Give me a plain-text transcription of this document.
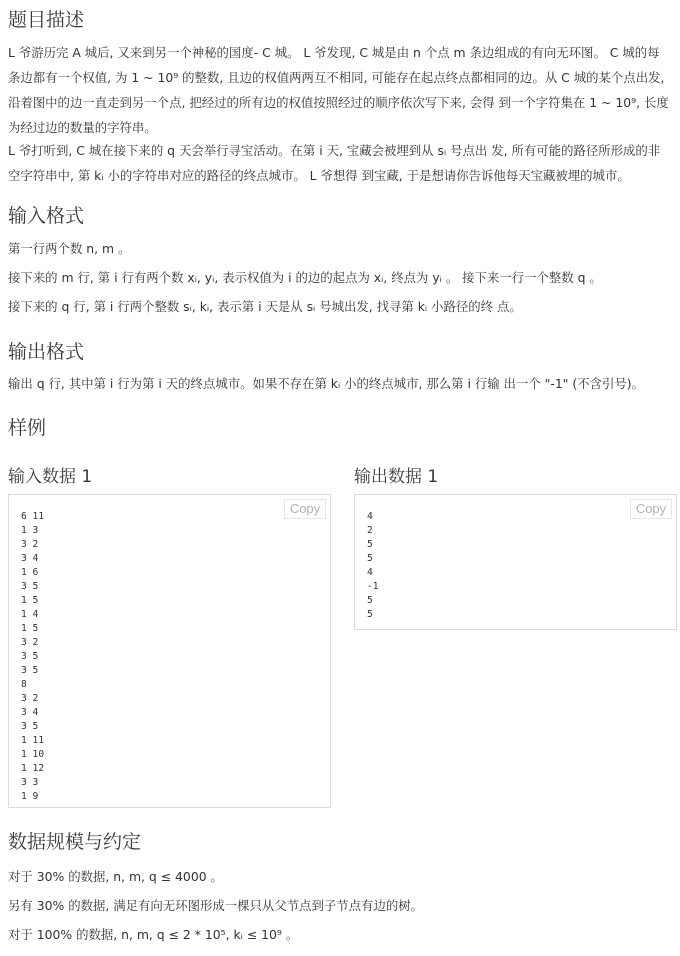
题目描述

L 爷游历完 A 城后, 又来到另一个神秘的国度- C 城。 L 爷发现, C 城是由 n 个点 m 条边组成的有向无环图。 C 城的每条边都有一个权值, 为 1 ~ 10⁹ 的整数, 且边的权值两两互不相同, 可能存在起点终点都相同的边。从 C 城的某个点出发, 沿着图中的边一直走到另一个点, 把经过的所有边的权值按照经过的顺序依次写下来, 会得 到一个字符集在 1 ~ 10⁹, 长度为经过边的数量的字符串。

L 爷打听到, C 城在接下来的 q 天会举行寻宝活动。在第 i 天, 宝藏会被埋到从 sᵢ 号点出 发, 所有可能的路径所形成的非空字符串中, 第 kᵢ 小的字符串对应的路径的终点城市。 L 爷想得 到宝藏, 于是想请你告诉他每天宝藏被埋的城市。

输入格式

第一行两个数 n, m 。

接下来的 m 行, 第 i 行有两个数 xᵢ, yᵢ, 表示权值为 i 的边的起点为 xᵢ, 终点为 yᵢ 。 接下来一行一个整数 q 。

接下来的 q 行, 第 i 行两个整数 sᵢ, kᵢ, 表示第 i 天是从 sᵢ 号城出发, 找寻第 kᵢ 小路径的终 点。

输出格式

输出 q 行, 其中第 i 行为第 i 天的终点城市。如果不存在第 kᵢ 小的终点城市, 那么第 i 行输 出一个 "-1" (不含引号)。

样例
输入数据 1	输出数据 1
Copy
6 11
1 3
3 2
3 4
1 6
3 5
1 5
1 4
1 5
3 2
3 5
3 5
8
3 2
3 4
3 5
1 11
1 10
1 12
3 3
1 9
Copy
4
2
5
5
4
-1
5
5
数据规模与约定

对于 30% 的数据, n, m, q ≤ 4000 。

另有 30% 的数据, 满足有向无环图形成一棵只从父节点到子节点有边的树。

对于 100% 的数据, n, m, q ≤ 2 * 10⁵, kᵢ ≤ 10⁹ 。
